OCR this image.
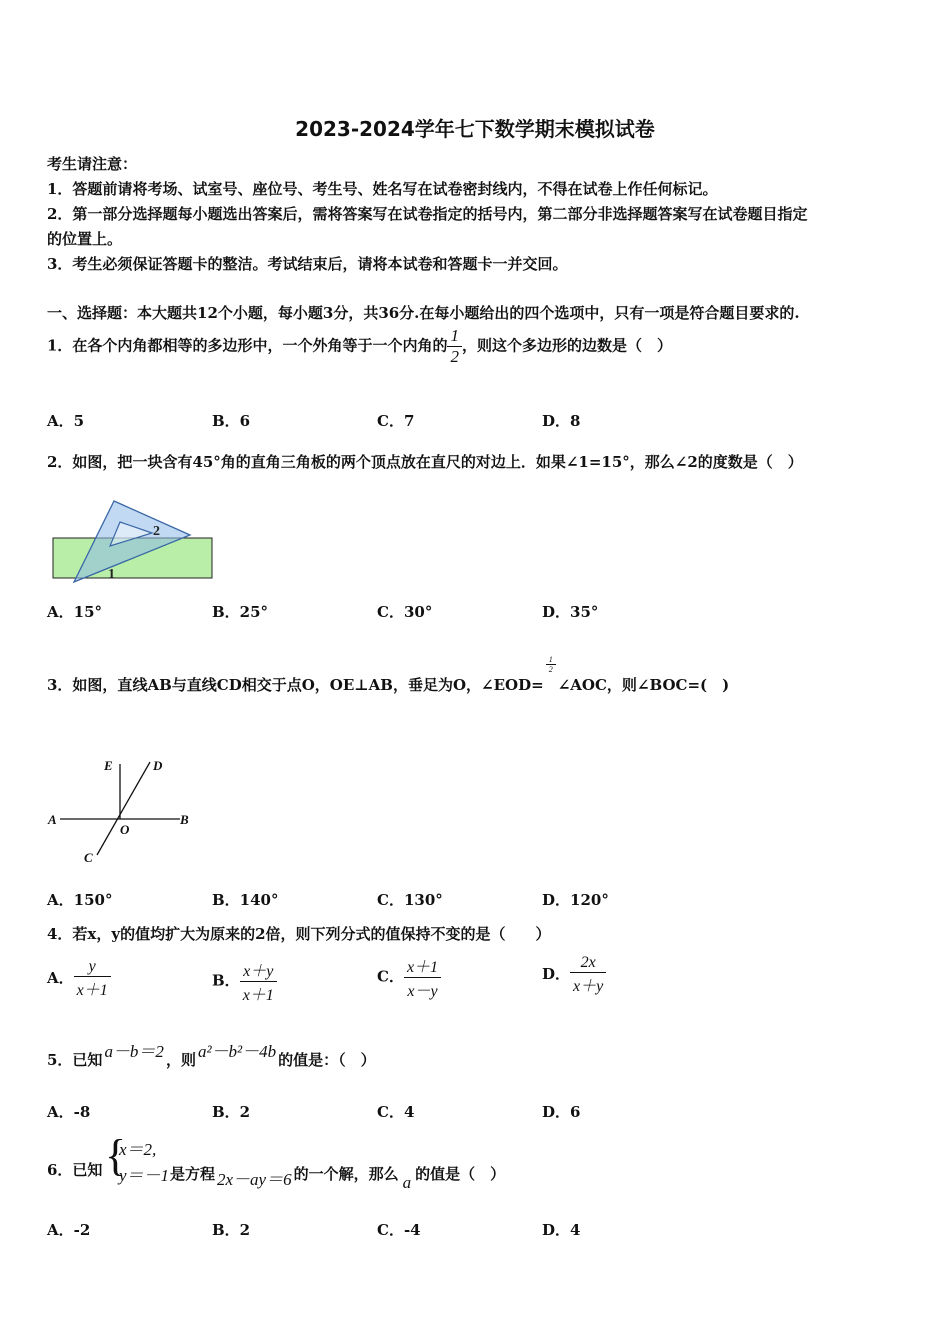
2023-2024学年七下数学期末模拟试卷
考生请注意：
1．答题前请将考场、试室号、座位号、考生号、姓名写在试卷密封线内，不得在试卷上作任何标记。
2．第一部分选择题每小题选出答案后，需将答案写在试卷指定的括号内，第二部分非选择题答案写在试卷题目指定
的位置上。
3．考生必须保证答题卡的整洁。考试结束后，请将本试卷和答题卡一并交回。
一、选择题：本大题共12个小题，每小题3分，共36分.在每小题给出的四个选项中，只有一项是符合题目要求的.
1．在各个内角都相等的多边形中，一个外角等于一个内角的 $\frac{1}{2}$ ，则这个多边形的边数是（　）
A．5	B．6	C．7	D．8
2．如图，把一块含有45°角的直角三角板的两个顶点放在直尺的对边上．如果∠1=15°，那么∠2的度数是（　）
2
1
A．15°	B．25°	C．30°	D．35°
3．如图，直线AB与直线CD相交于点O，OE⊥AB，垂足为O，∠EOD=
$\frac{1}{2}$
∠AOC，则∠BOC=(　)
E	D
A	B
O
C
A．150°	B．140°	C．130°	D．120°
4．若x，y的值均扩大为原来的2倍，则下列分式的值保持不变的是（　　）
A． $\frac{y}{x+1}$	B． $\frac{x+y}{x+1}$	C． $\frac{x+1}{x-y}$	D． $\frac{2x}{x+y}$
5．已知 a－b＝2 ，则 a²－b²－4b 的值是：（　）
A．-8	B．2	C．4	D．6
6．已知 {
x＝2,
y＝－1 是方程 2x－ay＝6 的一个解，那么 a 的值是（　）
A．-2	B．2	C．-4	D．4
